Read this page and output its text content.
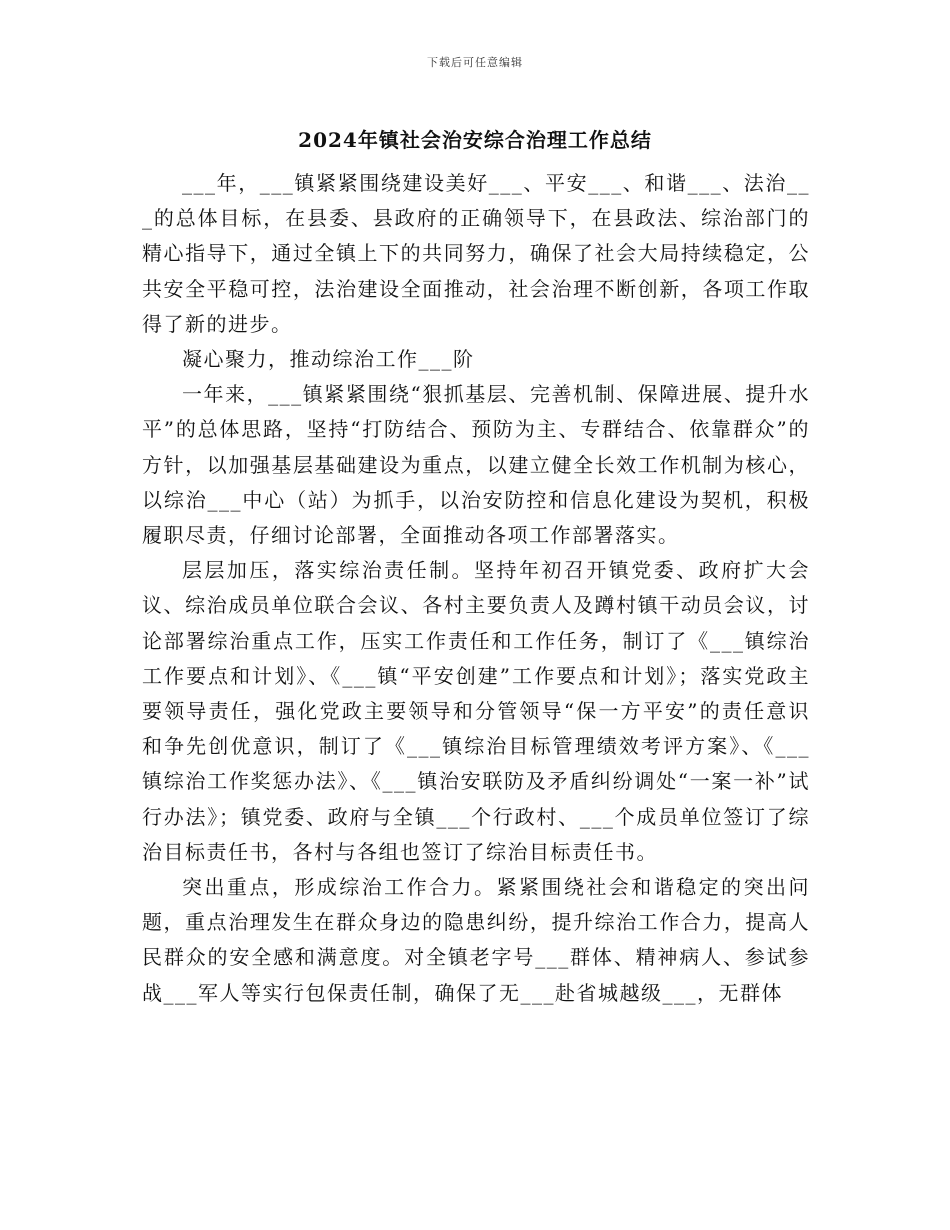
下载后可任意编辑
2024年镇社会治安综合治理工作总结

___年，___镇紧紧围绕建设美好___、平安___、和谐___、法治___的总体目标，在县委、县政府的正确领导下，在县政法、综治部门的精心指导下，通过全镇上下的共同努力，确保了社会大局持续稳定，公共安全平稳可控，法治建设全面推动，社会治理不断创新，各项工作取得了新的进步。

凝心聚力，推动综治工作___阶

一年来，___镇紧紧围绕“狠抓基层、完善机制、保障进展、提升水平”的总体思路，坚持“打防结合、预防为主、专群结合、依靠群众”的方针，以加强基层基础建设为重点，以建立健全长效工作机制为核心，以综治___中心（站）为抓手，以治安防控和信息化建设为契机，积极履职尽责，仔细讨论部署，全面推动各项工作部署落实。

层层加压，落实综治责任制。坚持年初召开镇党委、政府扩大会议、综治成员单位联合会议、各村主要负责人及蹲村镇干动员会议，讨论部署综治重点工作，压实工作责任和工作任务，制订了《___镇综治工作要点和计划》、《___镇“平安创建”工作要点和计划》；落实党政主要领导责任，强化党政主要领导和分管领导“保一方平安”的责任意识和争先创优意识，制订了《___镇综治目标管理绩效考评方案》、《___镇综治工作奖惩办法》、《___镇治安联防及矛盾纠纷调处“一案一补”试行办法》；镇党委、政府与全镇___个行政村、___个成员单位签订了综治目标责任书，各村与各组也签订了综治目标责任书。

突出重点，形成综治工作合力。紧紧围绕社会和谐稳定的突出问题，重点治理发生在群众身边的隐患纠纷，提升综治工作合力，提高人民群众的安全感和满意度。对全镇老字号___群体、精神病人、参试参战___军人等实行包保责任制，确保了无___赴省城越级___，无群体
